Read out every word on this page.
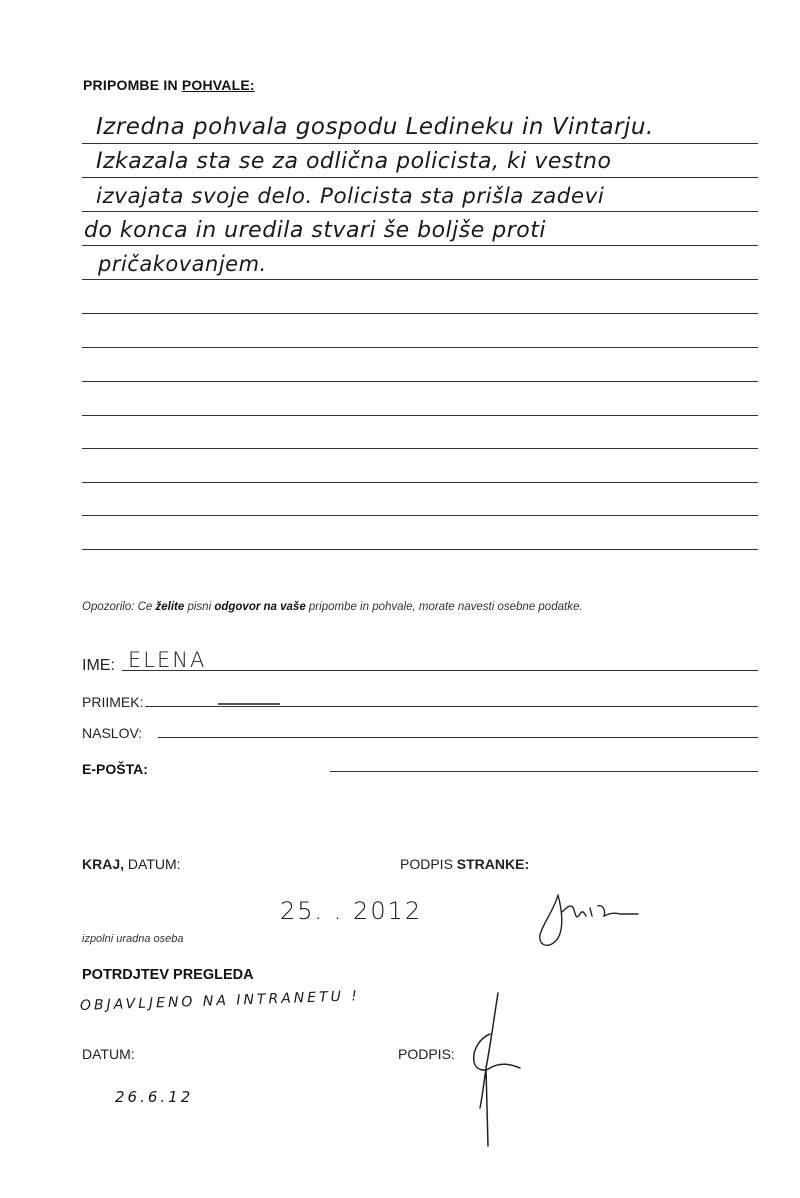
PRIPOMBE IN POHVALE:
Izredna pohvala gospodu Ledineku in Vintarju.
Izkazala sta se za odlična policista, ki vestno
izvajata svoje delo. Policista sta prišla zadevi
do konca in uredila stvari še boljše proti
pričakovanjem.
Opozorilo: Ce želite pisni odgovor na vaše pripombe in pohvale, morate navesti osebne podatke.
IME: ELENA
PRIIMEK:
NASLOV:
E-POŠTA:
KRAJ, DATUM:	PODPIS STRANKE:
25. . 2012
izpolni uradna oseba
POTRDJTEV PREGLEDA
OBJAVLJENO NA INTRANETU !
DATUM:
26.6.12
PODPIS:
